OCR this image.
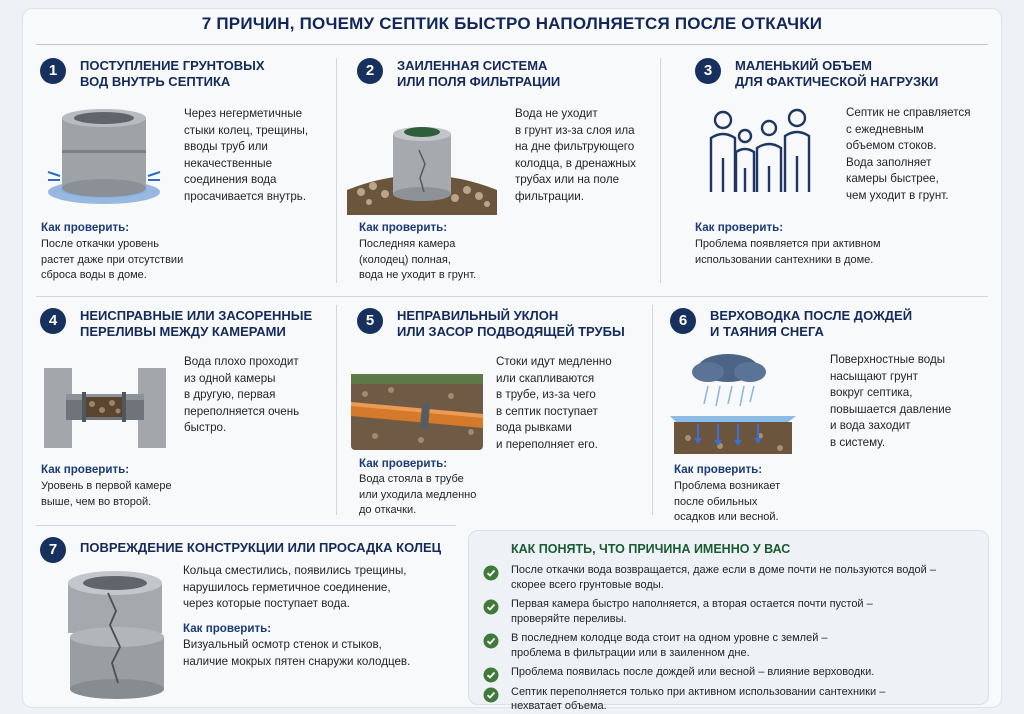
7 ПРИЧИН, ПОЧЕМУ СЕПТИК БЫСТРО НАПОЛНЯЕТСЯ ПОСЛЕ ОТКАЧКИ
1	ПОСТУПЛЕНИЕ ГРУНТОВЫХ
ВОД ВНУТРЬ СЕПТИКА
Через негерметичные
стыки колец, трещины,
вводы труб или
некачественные
соединения вода
просачивается внутрь.
Как проверить:
После откачки уровень
растет даже при отсутствии
сброса воды в доме.
2	ЗАИЛЕННАЯ СИСТЕМА
ИЛИ ПОЛЯ ФИЛЬТРАЦИИ
Вода не уходит
в грунт из-за слоя ила
на дне фильтрующего
колодца, в дренажных
трубах или на поле
фильтрации.
Как проверить:
Последняя камера
(колодец) полная,
вода не уходит в грунт.
3	МАЛЕНЬКИЙ ОБЪЕМ
ДЛЯ ФАКТИЧЕСКОЙ НАГРУЗКИ
Септик не справляется
с ежедневным
объемом стоков.
Вода заполняет
камеры быстрее,
чем уходит в грунт.
Как проверить:
Проблема появляется при активном
использовании сантехники в доме.
4	НЕИСПРАВНЫЕ ИЛИ ЗАСОРЕННЫЕ
ПЕРЕЛИВЫ МЕЖДУ КАМЕРАМИ
Вода плохо проходит
из одной камеры
в другую, первая
переполняется очень
быстро.
Как проверить:
Уровень в первой камере
выше, чем во второй.
5	НЕПРАВИЛЬНЫЙ УКЛОН
ИЛИ ЗАСОР ПОДВОДЯЩЕЙ ТРУБЫ
Стоки идут медленно
или скапливаются
в трубе, из-за чего
в септик поступает
вода рывками
и переполняет его.
Как проверить:
Вода стояла в трубе
или уходила медленно
до откачки.
6	ВЕРХОВОДКА ПОСЛЕ ДОЖДЕЙ
И ТАЯНИЯ СНЕГА
Поверхностные воды
насыщают грунт
вокруг септика,
повышается давление
и вода заходит
в систему.
Как проверить:
Проблема возникает
после обильных
осадков или весной.
7	ПОВРЕЖДЕНИЕ КОНСТРУКЦИИ ИЛИ ПРОСАДКА КОЛЕЦ
Кольца сместились, появились трещины,
нарушилось герметичное соединение,
через которые поступает вода.
Как проверить:
Визуальный осмотр стенок и стыков,
наличие мокрых пятен снаружи колодцев.
КАК ПОНЯТЬ, ЧТО ПРИЧИНА ИМЕННО У ВАС
После откачки вода возвращается, даже если в доме почти не пользуются водой –
скорее всего грунтовые воды.
Первая камера быстро наполняется, а вторая остается почти пустой –
проверяйте переливы.
В последнем колодце вода стоит на одном уровне с землей –
проблема в фильтрации или в заиленном дне.
Проблема появилась после дождей или весной – влияние верховодки.
Септик переполняется только при активном использовании сантехники –
нехватает объема.
